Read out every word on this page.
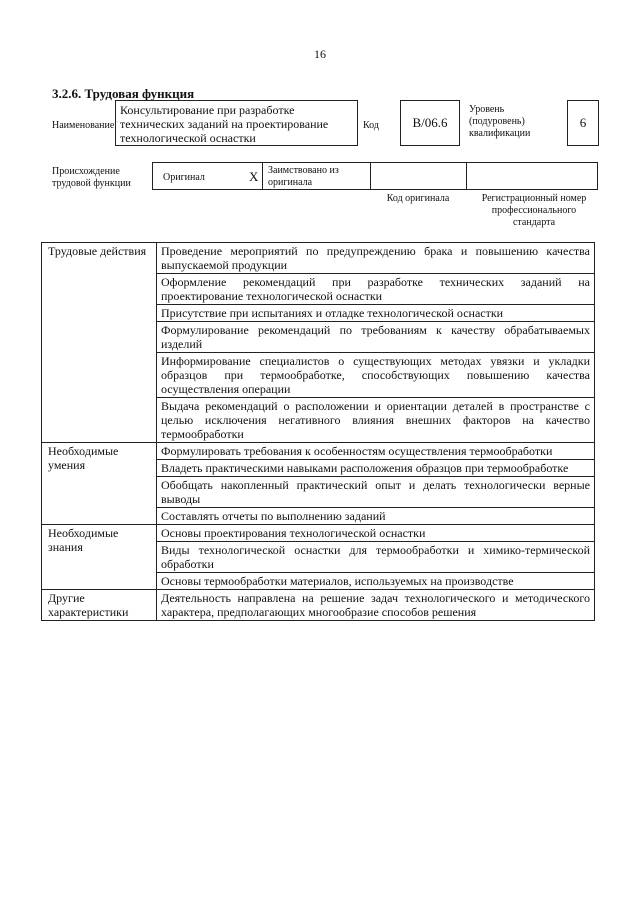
16
3.2.6. Трудовая функция
Наименование
Консультирование при разработке технических заданий на проектирование технологической оснастки
Код	В/06.6
Уровень (подуровень) квалификации
6
Происхождение трудовой функции
Оригинал	X Заимствовано из оригинала
Код оригинала	Регистрационный номер профессионального стандарта
Трудовые действия	Проведение мероприятий по предупреждению брака и повышению качества выпускаемой продукции
	Оформление рекомендаций при разработке технических заданий на проектирование технологической оснастки
	Присутствие при испытаниях и отладке технологической оснастки
	Формулирование рекомендаций по требованиям к качеству обрабатываемых изделий
	Информирование специалистов о существующих методах увязки и укладки образцов при термообработке, способствующих повышению качества осуществления операции
	Выдача рекомендаций о расположении и ориентации деталей в пространстве с целью исключения негативного влияния внешних факторов на качество термообработки
Необходимые умения	Формулировать требования к особенностям осуществления термообработки
	Владеть практическими навыками расположения образцов при термообработке
	Обобщать накопленный практический опыт и делать технологически верные выводы
	Составлять отчеты по выполнению заданий
Необходимые знания	Основы проектирования технологической оснастки
	Виды технологической оснастки для термообработки и химико-термической обработки
	Основы термообработки материалов, используемых на производстве
Другие характеристики	Деятельность направлена на решение задач технологического и методического характера, предполагающих многообразие способов решения
